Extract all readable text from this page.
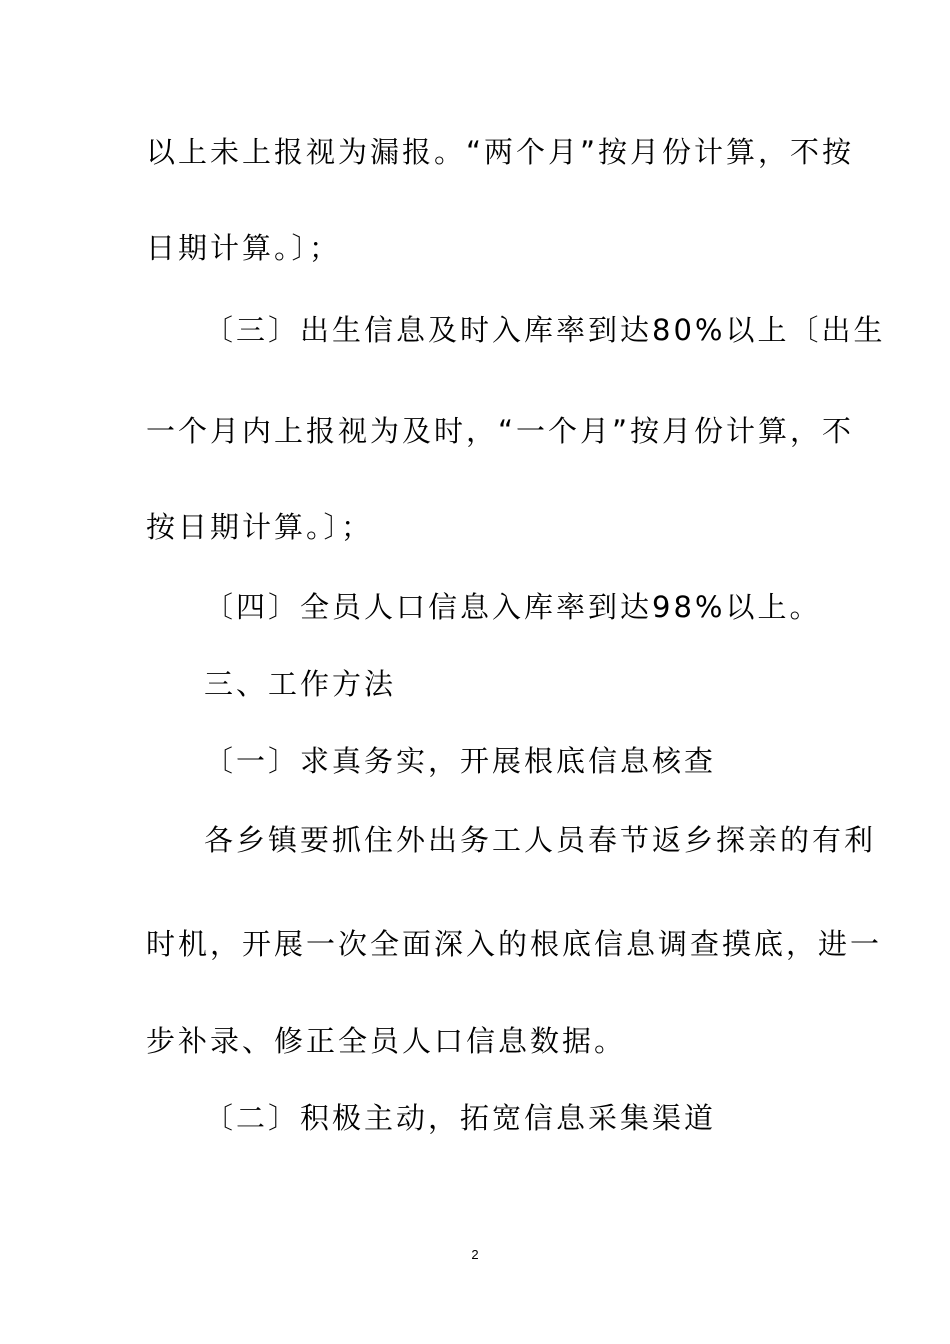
以上未上报视为漏报。“两个月”按月份计算，不按
日期计算。〕；
〔三〕出生信息及时入库率到达80%以上〔出生
一个月内上报视为及时，“一个月”按月份计算，不
按日期计算。〕；
〔四〕全员人口信息入库率到达98%以上。
三、工作方法
〔一〕求真务实，开展根底信息核查
各乡镇要抓住外出务工人员春节返乡探亲的有利
时机，开展一次全面深入的根底信息调查摸底，进一
步补录、修正全员人口信息数据。
〔二〕积极主动，拓宽信息采集渠道
2
